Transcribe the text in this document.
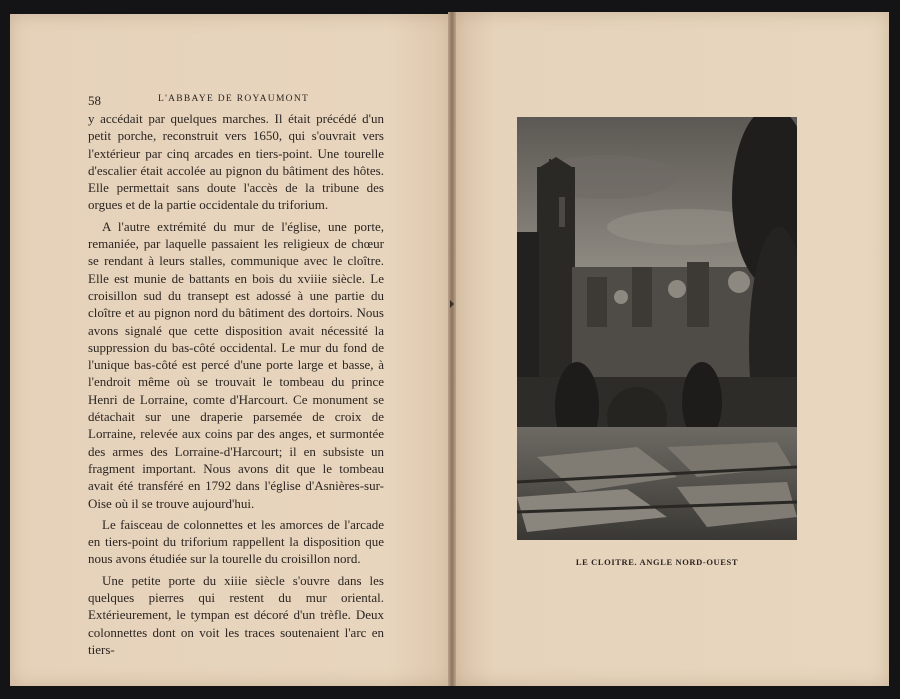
58	L'ABBAYE DE ROYAUMONT

y accédait par quelques marches. Il était précédé d'un petit porche, reconstruit vers 1650, qui s'ouvrait vers l'extérieur par cinq arcades en tiers-point. Une tourelle d'escalier était accolée au pignon du bâtiment des hôtes. Elle permettait sans doute l'accès de la tribune des orgues et de la partie occidentale du triforium.

A l'autre extrémité du mur de l'église, une porte, remaniée, par laquelle passaient les religieux de chœur se rendant à leurs stalles, communique avec le cloître. Elle est munie de battants en bois du xviiie siècle. Le croisillon sud du transept est adossé à une partie du cloître et au pignon nord du bâtiment des dortoirs. Nous avons signalé que cette disposition avait nécessité la suppression du bas-côté occidental. Le mur du fond de l'unique bas-côté est percé d'une porte large et basse, à l'endroit même où se trouvait le tombeau du prince Henri de Lorraine, comte d'Harcourt. Ce monument se détachait sur une draperie parsemée de croix de Lorraine, relevée aux coins par des anges, et surmontée des armes des Lorraine-d'Harcourt; il en subsiste un fragment important. Nous avons dit que le tombeau avait été transféré en 1792 dans l'église d'Asnières-sur-Oise où il se trouve aujourd'hui.

Le faisceau de colonnettes et les amorces de l'arcade en tiers-point du triforium rappellent la disposition que nous avons étudiée sur la tourelle du croisillon nord.

Une petite porte du xiiie siècle s'ouvre dans les quelques pierres qui restent du mur oriental. Extérieurement, le tympan est décoré d'un trèfle. Deux colonnettes dont on voit les traces soutenaient l'arc en tiers-

LE CLOITRE. ANGLE NORD-OUEST
